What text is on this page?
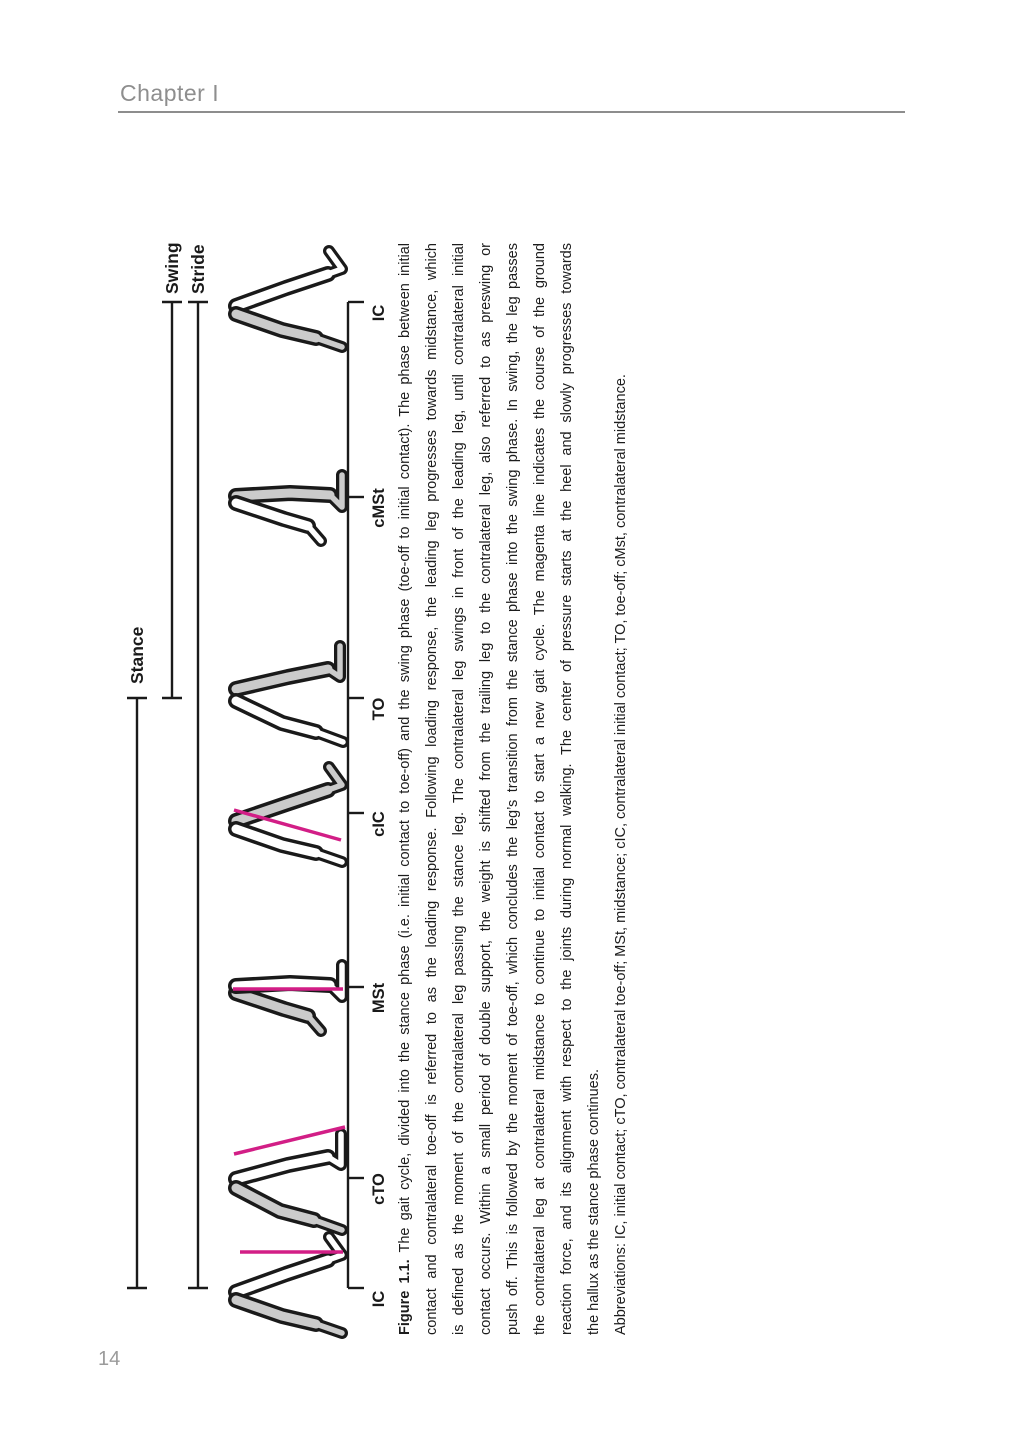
Chapter I
Stance
Swing Stride
IC
cTO
MSt
cIC
TO
cMSt
IC
Figure 1.1. The gait cycle, divided into the stance phase (i.e. initial contact to toe-off) and the swing phase (toe-off to initial contact). The phase between initial contact and contralateral toe-off is referred to as the loading response. Following loading response, the leading leg progresses towards midstance, which is defined as the moment of the contralateral leg passing the stance leg. The contralateral leg swings in front of the leading leg, until contralateral initial contact occurs. Within a small period of double support, the weight is shifted from the trailing leg to the contralateral leg, also referred to as preswing or push off. This is followed by the moment of toe-off, which concludes the leg’s transition from the stance phase into the swing phase. In swing, the leg passes the contralateral leg at contralateral midstance to continue to initial contact to start a new gait cycle. The magenta line indicates the course of the ground reaction force, and its alignment with respect to the joints during normal walking. The center of pressure starts at the heel and slowly progresses towards the hallux as the stance phase continues. Abbreviations: IC, initial contact; cTO, contralateral toe-off; MSt, midstance; cIC, contralateral initial contact; TO, toe-off; cMst, contralateral midstance.
14
